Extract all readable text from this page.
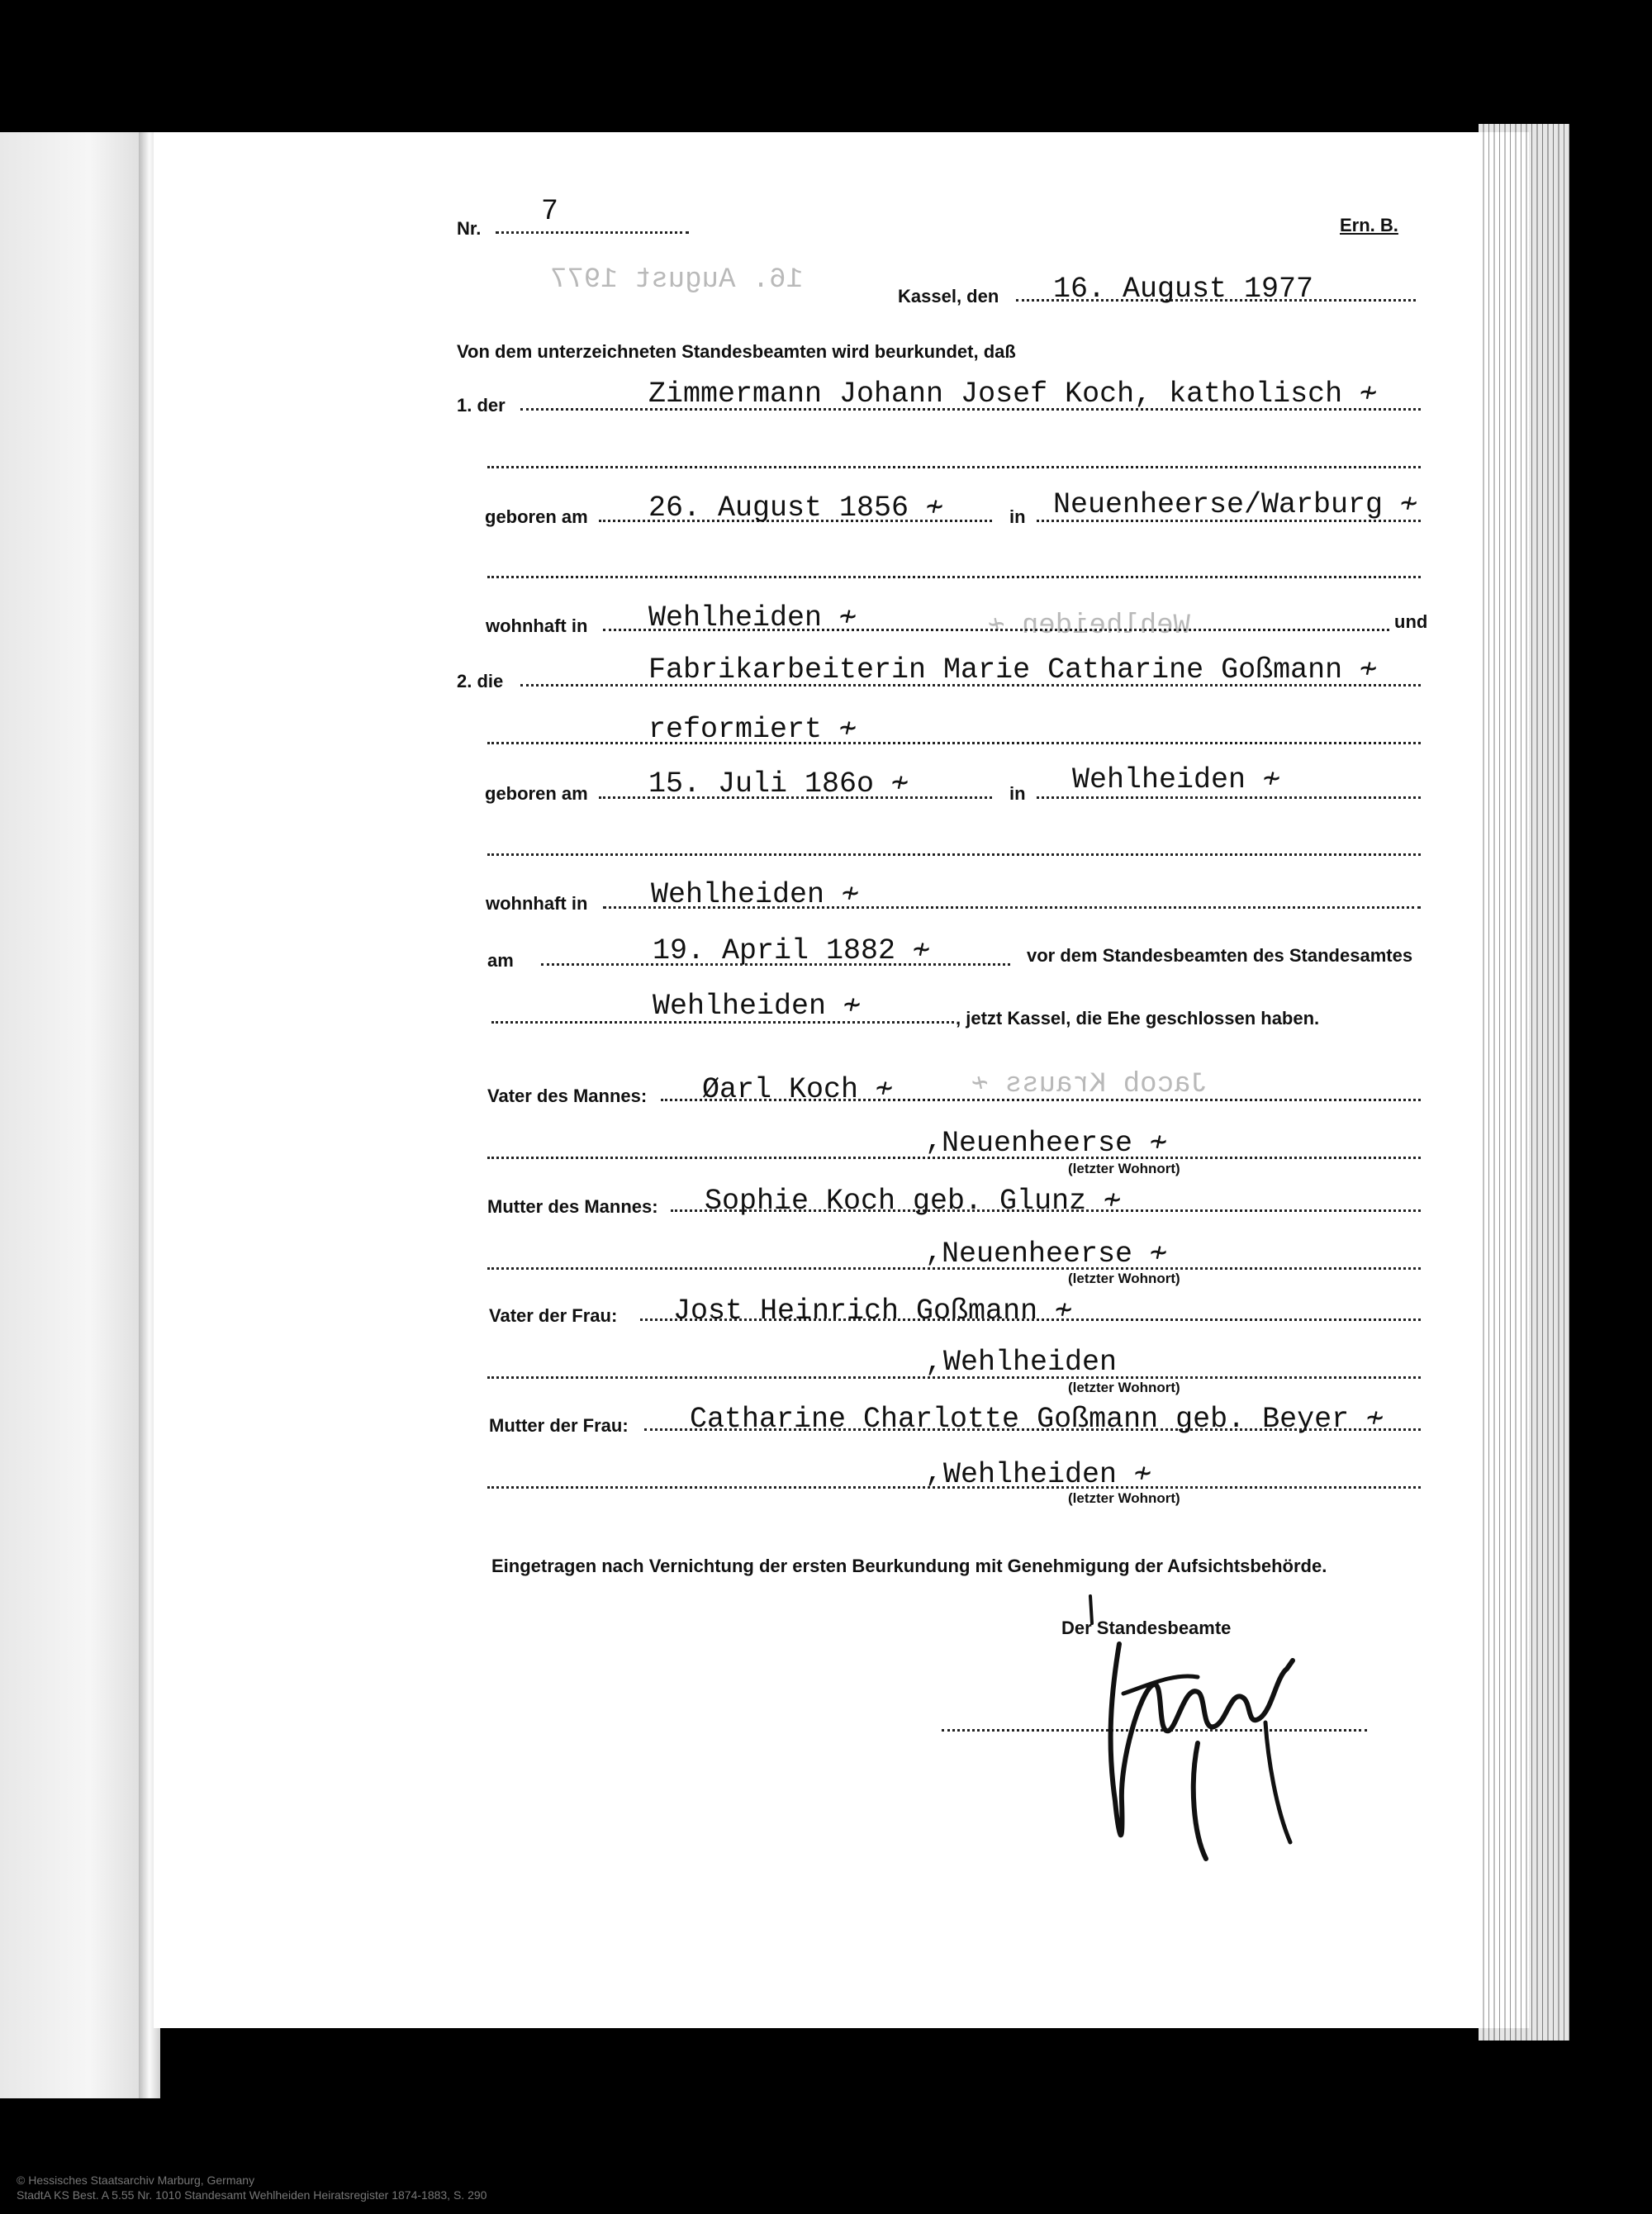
16. August 1977
Wehlheiden ≁
Jacob Krauss ≁
Nr.
7	Ern. B.
Kassel, den 16. August 1977
Von dem unterzeichneten Standesbeamten wird beurkundet, daß
1. der	Zimmermann Johann Josef Koch, katholisch ≁
geboren am 26. August 1856 ≁	in Neuenheerse/Warburg ≁
wohnhaft in Wehlheiden ≁	und
2. die	Fabrikarbeiterin Marie Catharine Goßmann ≁
reformiert ≁
geboren am 15. Juli 186o ≁	in Wehlheiden ≁
wohnhaft in Wehlheiden ≁
am	19. April 1882 ≁	vor dem Standesbeamten des Standesamtes
Wehlheiden ≁	, jetzt Kassel, die Ehe geschlossen haben.
Vater des Mannes: Øarl Koch ≁
,
Neuenheerse ≁
(letzter Wohnort)
Mutter des Mannes: Sophie Koch geb. Glunz ≁
,
Neuenheerse ≁
(letzter Wohnort)
Vater der Frau: Jost Heinrich Goßmann ≁
, Wehlheiden
(letzter Wohnort)
Mutter der Frau: Catharine Charlotte Goßmann geb. Beyer ≁
, Wehlheiden ≁
(letzter Wohnort)
Eingetragen nach Vernichtung der ersten Beurkundung mit Genehmigung der Aufsichtsbehörde.
Der Standesbeamte
© Hessisches Staatsarchiv Marburg, Germany
StadtA KS Best. A 5.55 Nr. 1010 Standesamt Wehlheiden Heiratsregister 1874-1883, S. 290
